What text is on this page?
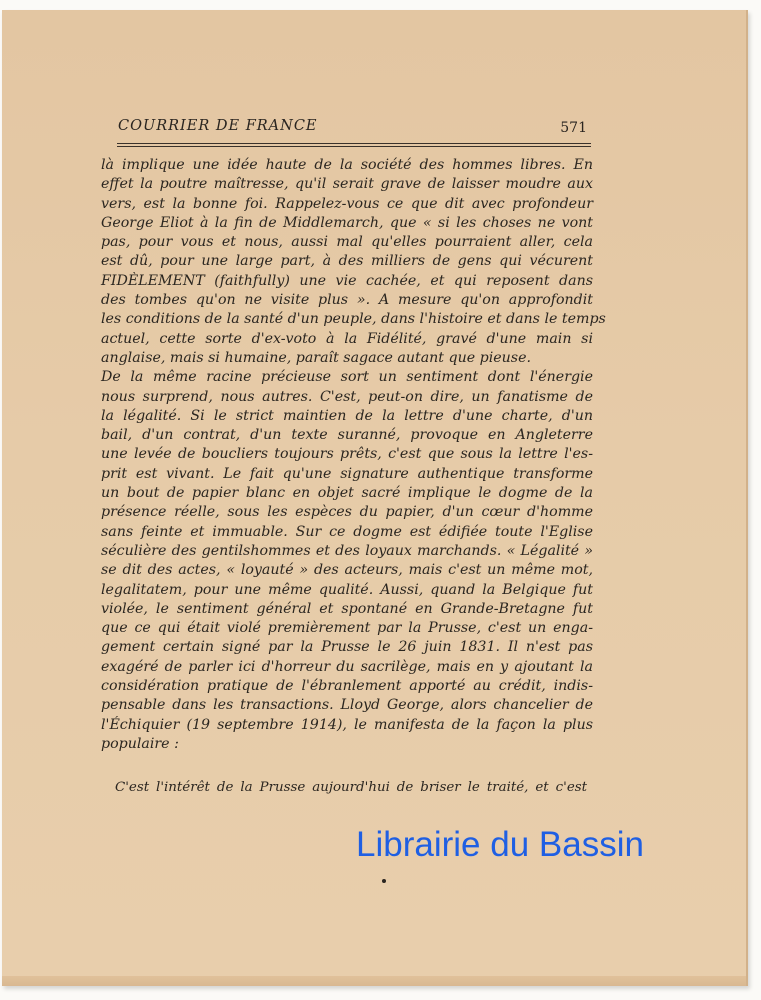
COURRIER DE FRANCE	571
là implique une idée haute de la société des hommes libres. En
effet la poutre maîtresse, qu'il serait grave de laisser moudre aux
vers, est la bonne foi. Rappelez-vous ce que dit avec profondeur
George Eliot à la fin de Middlemarch, que « si les choses ne vont
pas, pour vous et nous, aussi mal qu'elles pourraient aller, cela
est dû, pour une large part, à des milliers de gens qui vécurent
FIDÈLEMENT (faithfully) une vie cachée, et qui reposent dans
des tombes qu'on ne visite plus ». A mesure qu'on approfondit
les conditions de la santé d'un peuple, dans l'histoire et dans le temps
actuel, cette sorte d'ex-voto à la Fidélité, gravé d'une main si
anglaise, mais si humaine, paraît sagace autant que pieuse.
De la même racine précieuse sort un sentiment dont l'énergie
nous surprend, nous autres. C'est, peut-on dire, un fanatisme de
la légalité. Si le strict maintien de la lettre d'une charte, d'un
bail, d'un contrat, d'un texte suranné, provoque en Angleterre
une levée de boucliers toujours prêts, c'est que sous la lettre l'es-
prit est vivant. Le fait qu'une signature authentique transforme
un bout de papier blanc en objet sacré implique le dogme de la
présence réelle, sous les espèces du papier, d'un cœur d'homme
sans feinte et immuable. Sur ce dogme est édifiée toute l'Eglise
séculière des gentilshommes et des loyaux marchands. « Légalité »
se dit des actes, « loyauté » des acteurs, mais c'est un même mot,
legalitatem, pour une même qualité. Aussi, quand la Belgique fut
violée, le sentiment général et spontané en Grande-Bretagne fut
que ce qui était violé premièrement par la Prusse, c'est un enga-
gement certain signé par la Prusse le 26 juin 1831. Il n'est pas
exagéré de parler ici d'horreur du sacrilège, mais en y ajoutant la
considération pratique de l'ébranlement apporté au crédit, indis-
pensable dans les transactions. Lloyd George, alors chancelier de
l'Échiquier (19 septembre 1914), le manifesta de la façon la plus
populaire :
C'est l'intérêt de la Prusse aujourd'hui de briser le traité, et c'est
Librairie du Bassin
